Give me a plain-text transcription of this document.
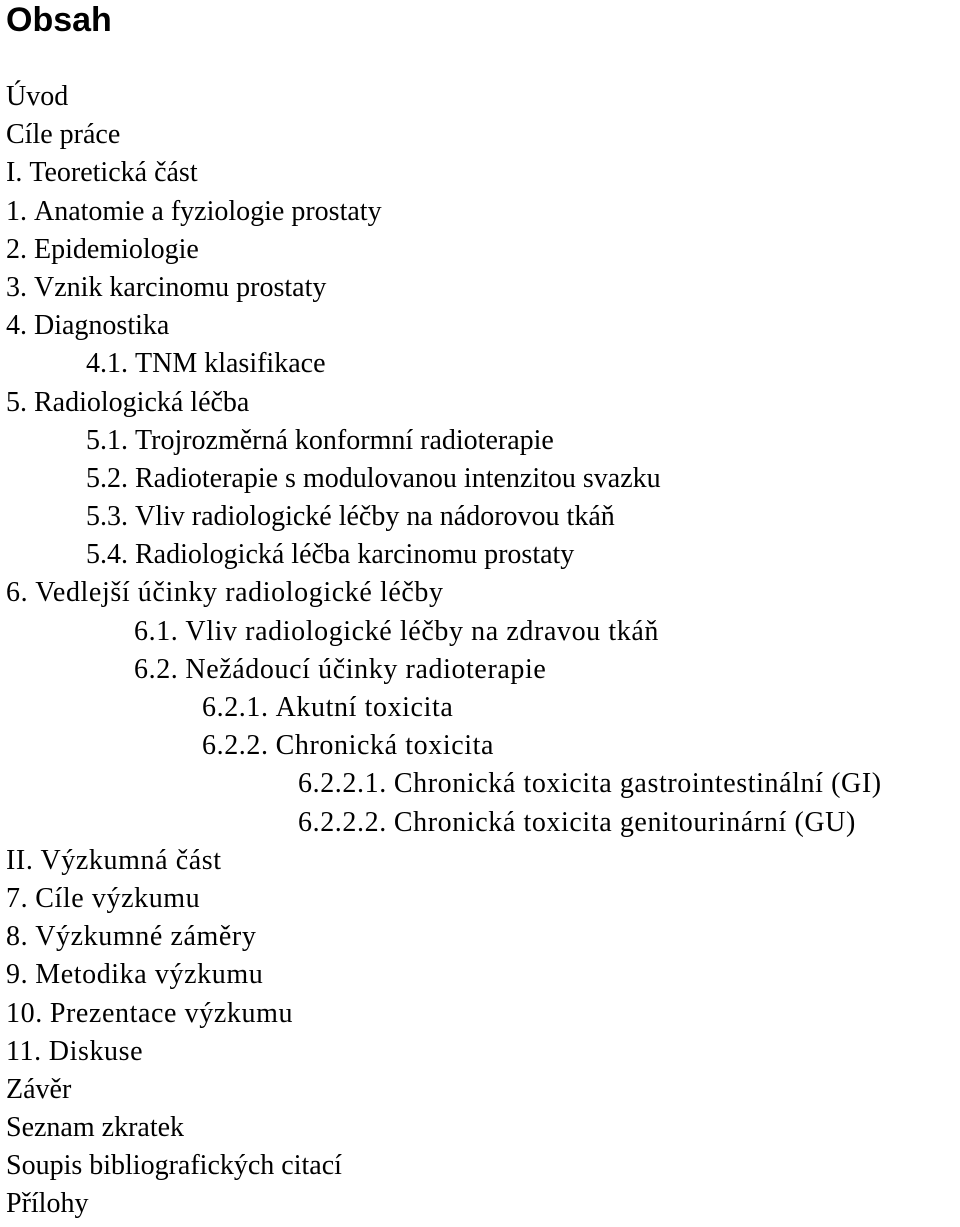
Obsah
Úvod
Cíle práce
I. Teoretická část
1. Anatomie a fyziologie prostaty
2. Epidemiologie
3. Vznik karcinomu prostaty
4. Diagnostika
4.1. TNM klasifikace
5. Radiologická léčba
5.1. Trojrozměrná konformní radioterapie
5.2. Radioterapie s modulovanou intenzitou svazku
5.3. Vliv radiologické léčby na nádorovou tkáň
5.4. Radiologická léčba karcinomu prostaty
6. Vedlejší účinky radiologické léčby
6.1. Vliv radiologické léčby na zdravou tkáň
6.2. Nežádoucí účinky radioterapie
6.2.1. Akutní toxicita
6.2.2. Chronická toxicita
6.2.2.1. Chronická toxicita gastrointestinální (GI)
6.2.2.2. Chronická toxicita genitourinární (GU)
II. Výzkumná část
7. Cíle výzkumu
8. Výzkumné záměry
9. Metodika výzkumu
10. Prezentace výzkumu
11. Diskuse
Závěr
Seznam zkratek
Soupis bibliografických citací
Přílohy
